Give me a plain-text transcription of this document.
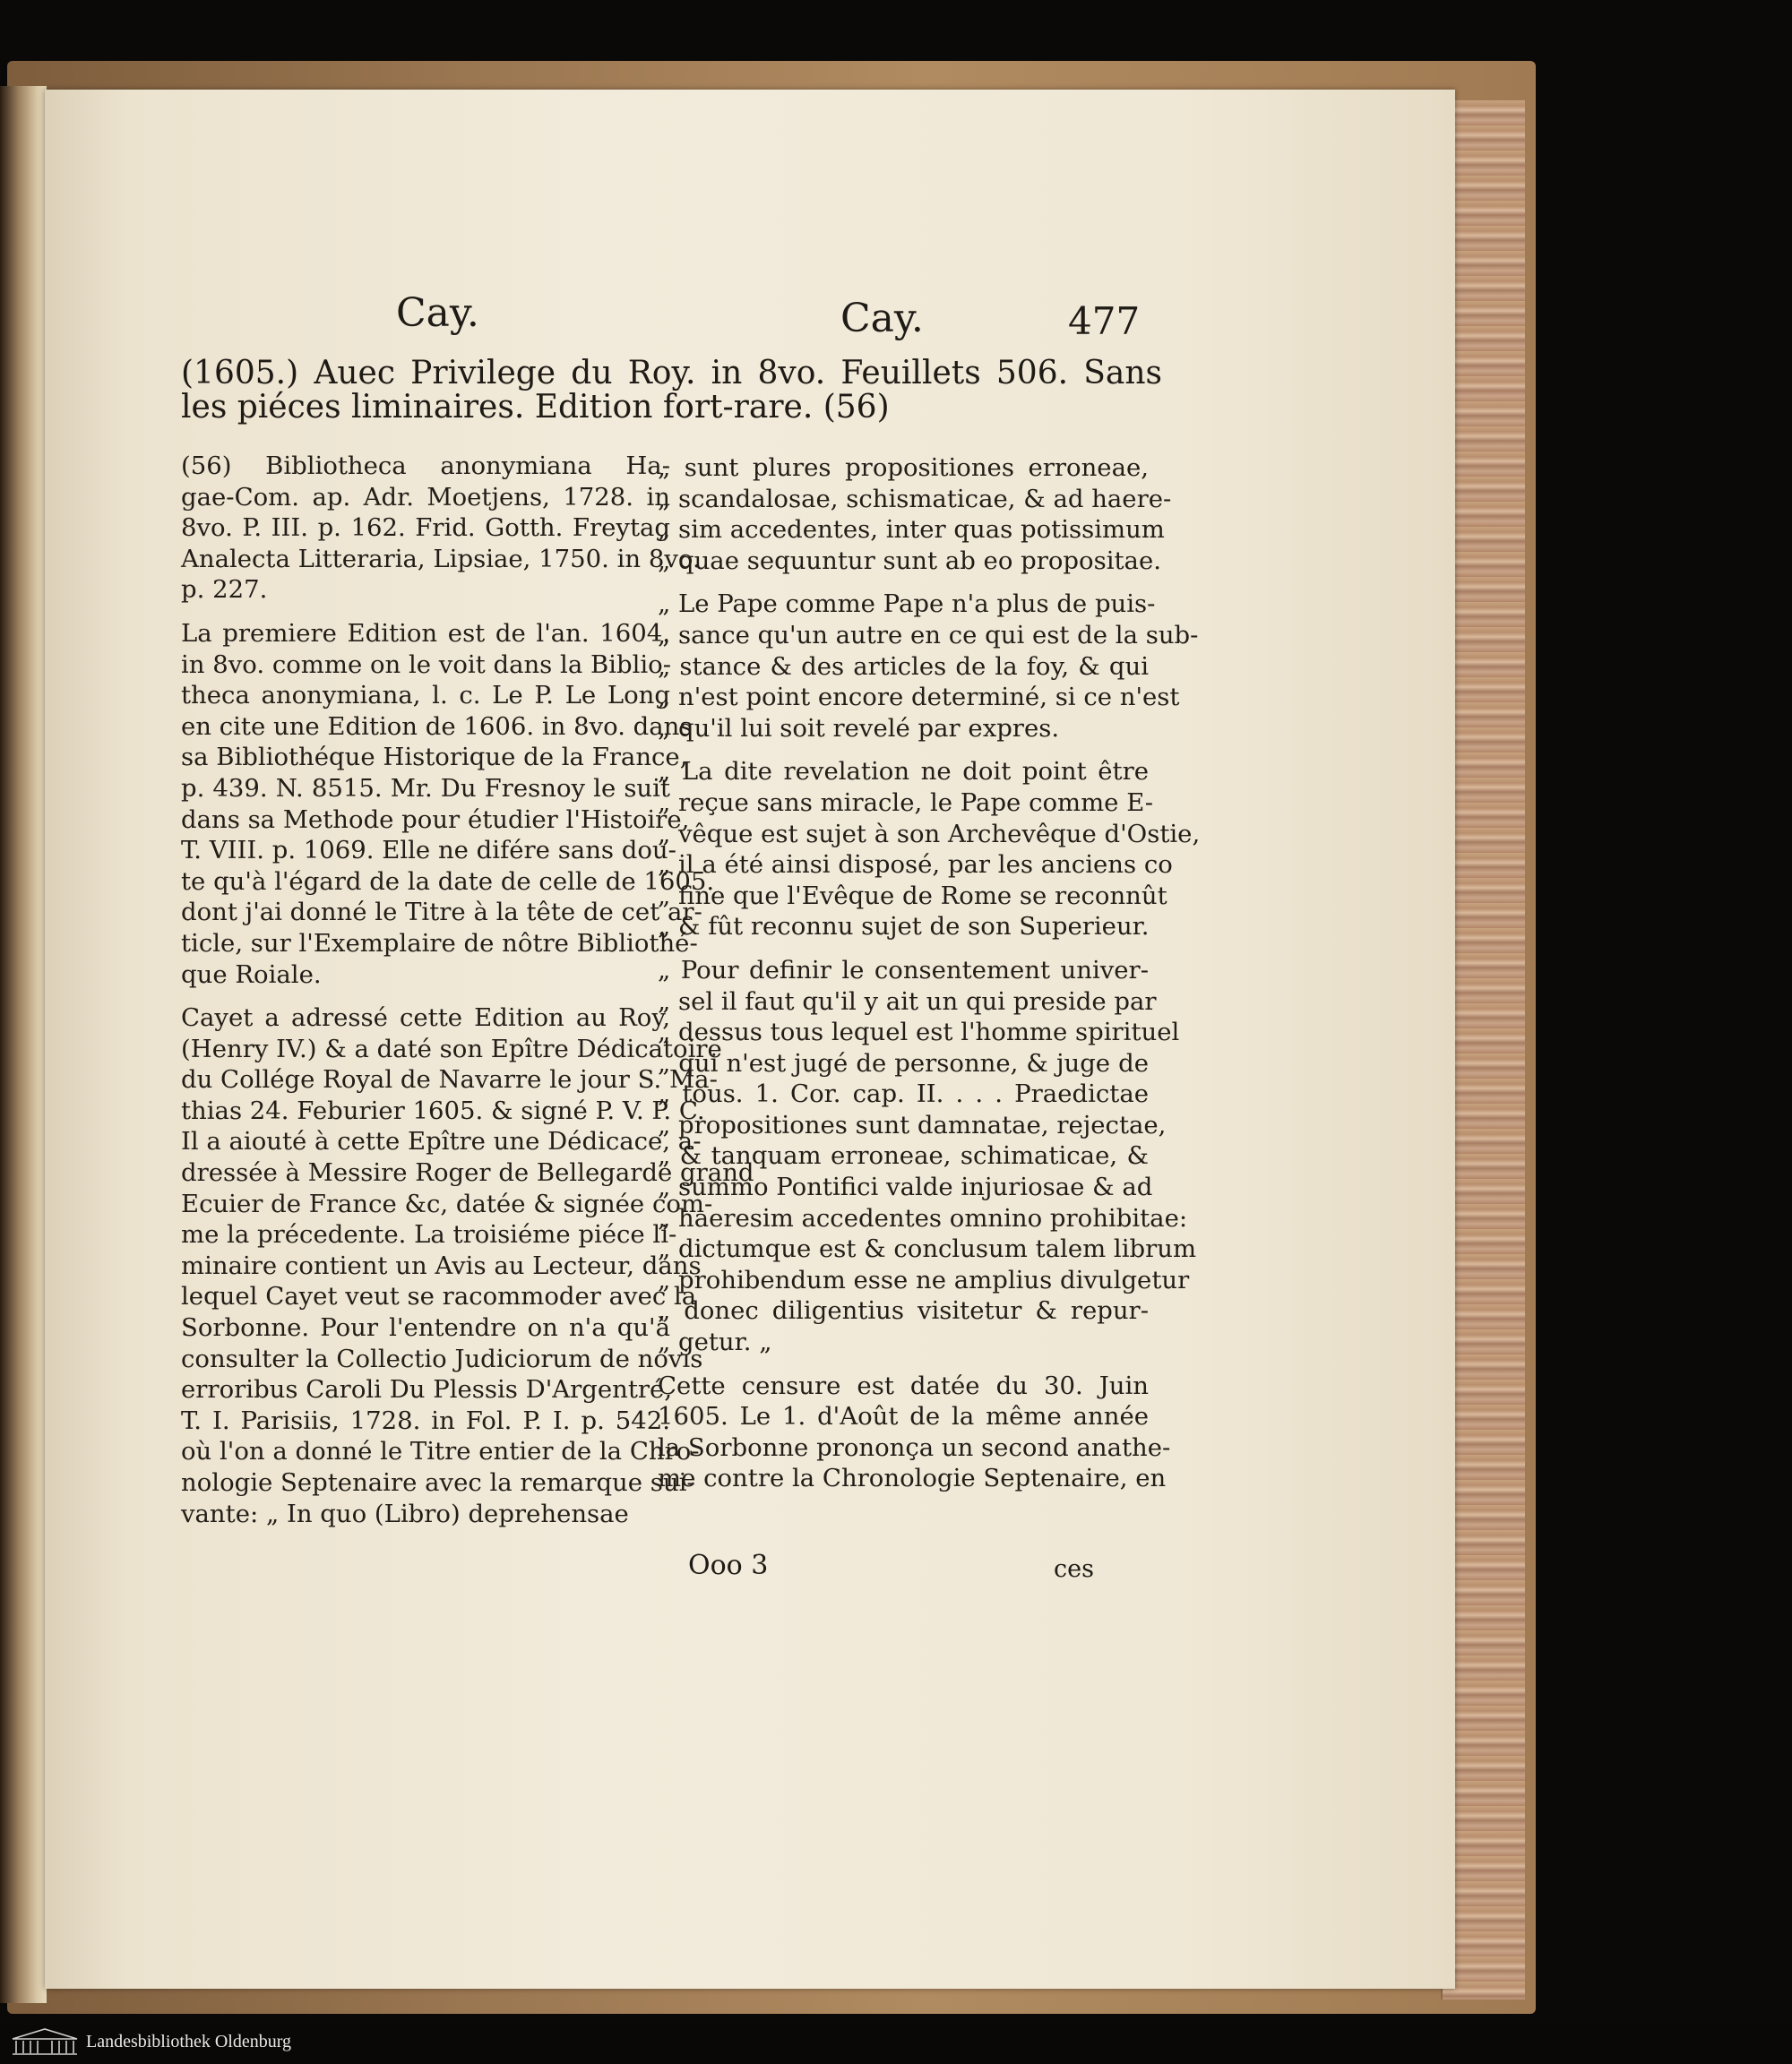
Cay.	Cay.	477
(1605.) Auec Privilege du Roy. in 8vo. Feuillets 506. Sans
les piéces liminaires. Edition fort-rare. (56)
(56) Bibliotheca anonymiana Ha-
gae-Com. ap. Adr. Moetjens, 1728. in
8vo. P. III. p. 162. Frid. Gotth. Freytag
Analecta Litteraria, Lipsiae, 1750. in 8vo.
p. 227.
La premiere Edition est de l'an. 1604.
in 8vo. comme on le voit dans la Biblio-
theca anonymiana, l. c. Le P. Le Long
en cite une Edition de 1606. in 8vo. dans
sa Bibliothéque Historique de la France,
p. 439. N. 8515. Mr. Du Fresnoy le suit
dans sa Methode pour étudier l'Histoire,
T. VIII. p. 1069. Elle ne difére sans dou-
te qu'à l'égard de la date de celle de 1605.
dont j'ai donné le Titre à la tête de cet ar-
ticle, sur l'Exemplaire de nôtre Bibliothé-
que Roiale.
Cayet a adressé cette Edition au Roy,
(Henry IV.) & a daté son Epître Dédicatoire
du Collége Royal de Navarre le jour S. Ma-
thias 24. Feburier 1605. & signé P. V. P. C.
Il a aiouté à cette Epître une Dédicace, a-
dressée à Messire Roger de Bellegarde grand
Ecuier de France &c, datée & signée com-
me la précedente. La troisiéme piéce li-
minaire contient un Avis au Lecteur, dans
lequel Cayet veut se racommoder avec la
Sorbonne. Pour l'entendre on n'a qu'à
consulter la Collectio Judiciorum de novis
erroribus Caroli Du Plessis D'Argentré,
T. I. Parisiis, 1728. in Fol. P. I. p. 542.
où l'on a donné le Titre entier de la Chro-
nologie Septenaire avec la remarque sui-
vante: „ In quo (Libro) deprehensae
„ sunt plures propositiones erroneae,
„ scandalosae, schismaticae, & ad haere-
„ sim accedentes, inter quas potissimum
„ quae sequuntur sunt ab eo propositae.
„ Le Pape comme Pape n'a plus de puis-
„ sance qu'un autre en ce qui est de la sub-
„ stance & des articles de la foy, & qui
„ n'est point encore determiné, si ce n'est
„ qu'il lui soit revelé par expres.
„ La dite revelation ne doit point être
„ reçue sans miracle, le Pape comme E-
„ vêque est sujet à son Archevêque d'Ostie,
„ il a été ainsi disposé, par les anciens co
„ fine que l'Evêque de Rome se reconnût
„ & fût reconnu sujet de son Superieur.
„ Pour definir le consentement univer-
„ sel il faut qu'il y ait un qui preside par
„ dessus tous lequel est l'homme spirituel
„ qui n'est jugé de personne, & juge de
„ tous. 1. Cor. cap. II. . . . Praedictae
„ propositiones sunt damnatae, rejectae,
„ & tanquam erroneae, schimaticae, &
„ summo Pontifici valde injuriosae & ad
„ haeresim accedentes omnino prohibitae:
„ dictumque est & conclusum talem librum
„ prohibendum esse ne amplius divulgetur
„ donec diligentius visitetur & repur-
„ getur. „
Cette censure est datée du 30. Juin
1605. Le 1. d'Août de la même année
la Sorbonne prononça un second anathe-
me contre la Chronologie Septenaire, en
Ooo 3	ces
Landesbibliothek Oldenburg
